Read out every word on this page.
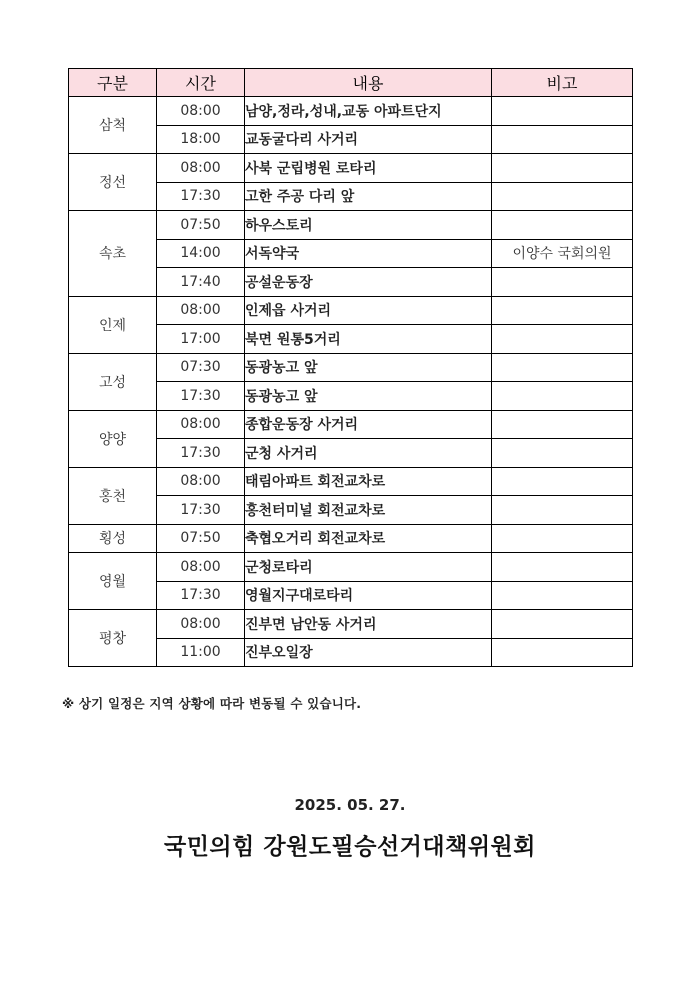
구분	시간	내용	비고
삼척	08:00	남양,정라,성내,교동 아파트단지	
	18:00	교동굴다리 사거리	
정선	08:00	사북 군립병원 로타리	
	17:30	고한 주공 다리 앞	
속초	07:50	하우스토리	
	14:00	서독약국	이양수 국회의원
	17:40	공설운동장	
인제	08:00	인제읍 사거리	
	17:00	북면 원통5거리	
고성	07:30	동광농고 앞	
	17:30	동광농고 앞	
양양	08:00	종합운동장 사거리	
	17:30	군청 사거리	
홍천	08:00	태림아파트 회전교차로	
	17:30	홍천터미널 회전교차로	
횡성	07:50	축협오거리 회전교차로	
영월	08:00	군청로타리	
	17:30	영월지구대로타리	
평창	08:00	진부면 남안동 사거리	
	11:00	진부오일장	
※ 상기 일정은 지역 상황에 따라 변동될 수 있습니다.
2025. 05. 27.
국민의힘 강원도필승선거대책위원회
